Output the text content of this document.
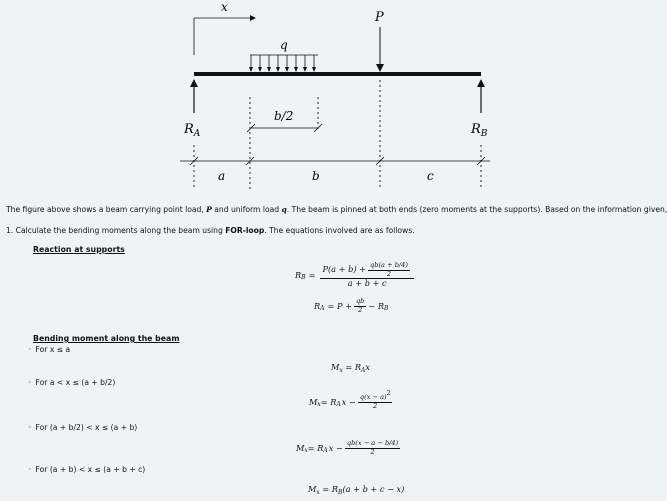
x
P
q
$R_A$	$R_B$
b/2
a	b	c
The figure above shows a beam carrying point load, P and uniform load q. The beam is pinned at both ends (zero moments at the supports). Based on the information given,
1. Calculate the bending moments along the beam using FOR-loop. The equations involved are as follows.
Reaction at supports
R $B = \frac{P(a + b) + \frac{qb(a + b/4)}{2}}{a + b + c}$
R $A = P + \frac{qb}{2} - R$ B
Bending moment along the beam
◦ For x ≤ a
$M_x = R_Ax$
◦ For a < x ≤ (a + b/2)
M x = R A $x - \frac{q(x - a)2}{2}$
◦ For (a + b/2) < x ≤ (a + b)
M x = R A $x - \frac{qb(x - a - b/4)}{2}$
◦ For (a + b) < x ≤ (a + b + c)
$M_x = R_B(a + b + c - x)$
